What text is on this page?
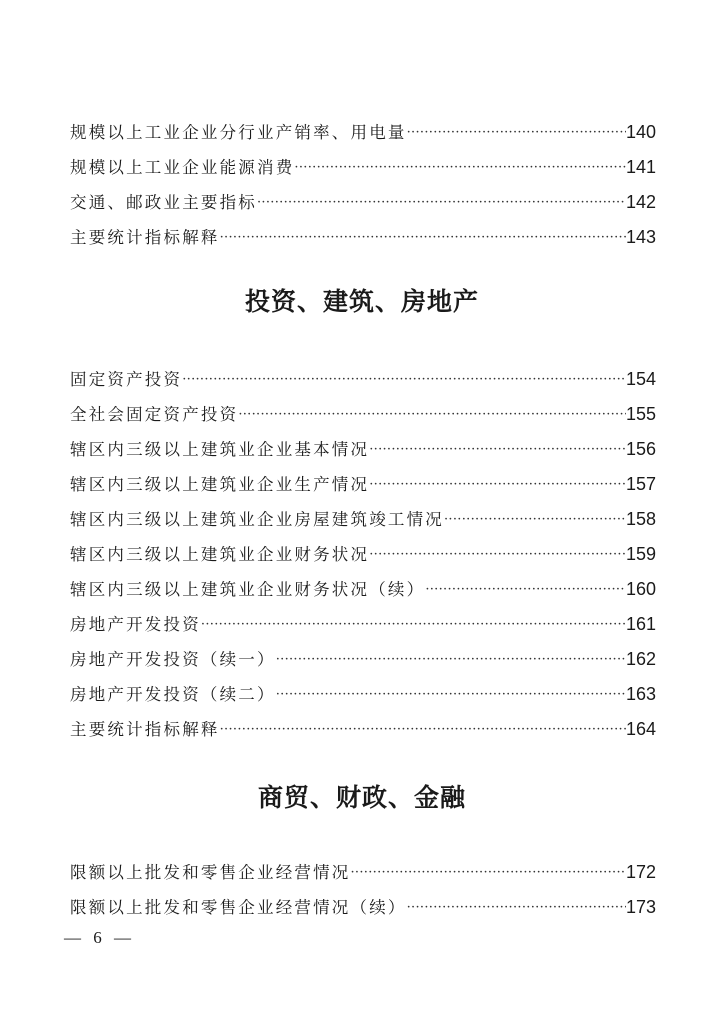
规模以上工业企业分行业产销率、用电量 ·····	140
规模以上工业企业能源消费 ·····	141
交通、邮政业主要指标 ·····	142
主要统计指标解释 ·····	143
投资、建筑、房地产
固定资产投资 ·····	154
全社会固定资产投资 ·····	155
辖区内三级以上建筑业企业基本情况 ·····	156
辖区内三级以上建筑业企业生产情况 ·····	157
辖区内三级以上建筑业企业房屋建筑竣工情况 ·····	158
辖区内三级以上建筑业企业财务状况 ·····	159
辖区内三级以上建筑业企业财务状况（续） ·····	160
房地产开发投资 ·····	161
房地产开发投资（续一） ·····	162
房地产开发投资（续二） ·····	163
主要统计指标解释 ·····	164
商贸、财政、金融
限额以上批发和零售企业经营情况 ·····	172
限额以上批发和零售企业经营情况（续） ·····	173
— 6 —
